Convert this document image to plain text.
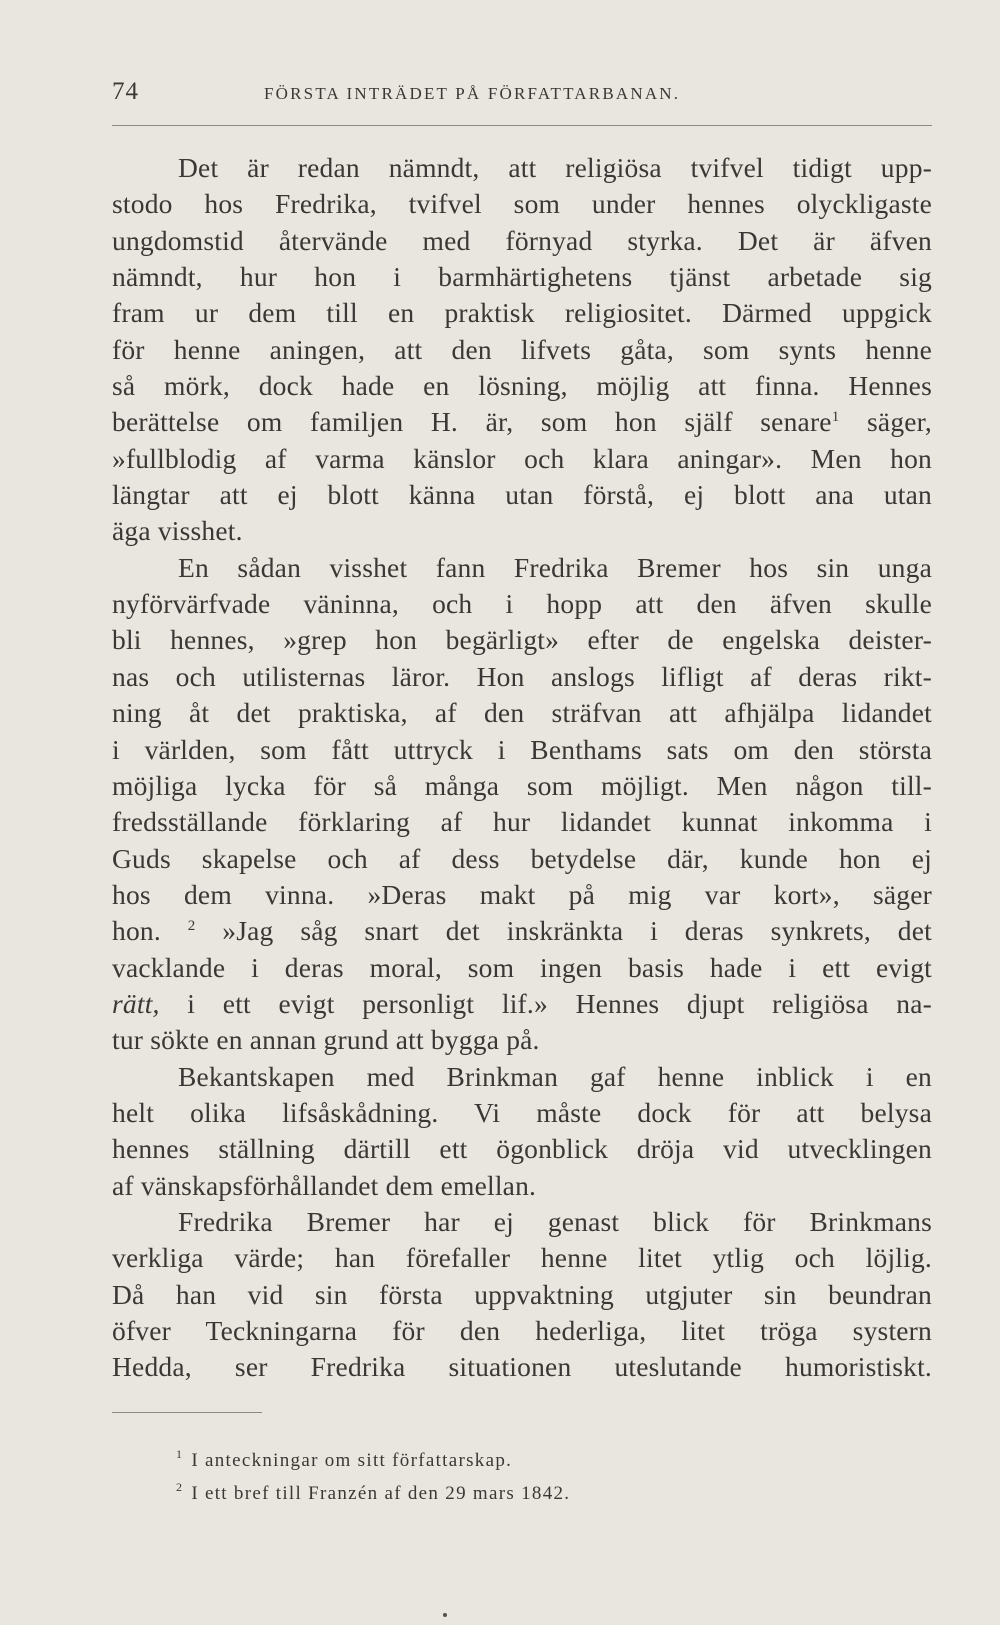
74	FÖRSTA INTRÄDET PÅ FÖRFATTARBANAN.
Det är redan nämndt, att religiösa tvifvel tidigt upp-
stodo hos Fredrika, tvifvel som under hennes olyckligaste
ungdomstid återvände med förnyad styrka. Det är äfven
nämndt, hur hon i barmhärtighetens tjänst arbetade sig
fram ur dem till en praktisk religiositet. Därmed uppgick
för henne aningen, att den lifvets gåta, som synts henne
så mörk, dock hade en lösning, möjlig att finna. Hennes
berättelse om familjen H. är, som hon själf senare$^1$ säger,
»fullblodig af varma känslor och klara aningar». Men hon
längtar att ej blott känna utan förstå, ej blott ana utan
äga visshet.
En sådan visshet fann Fredrika Bremer hos sin unga
nyförvärfvade väninna, och i hopp att den äfven skulle
bli hennes, »grep hon begärligt» efter de engelska deister-
nas och utilisternas läror. Hon anslogs lifligt af deras rikt-
ning åt det praktiska, af den sträfvan att afhjälpa lidandet
i världen, som fått uttryck i Benthams sats om den största
möjliga lycka för så många som möjligt. Men någon till-
fredsställande förklaring af hur lidandet kunnat inkomma i
Guds skapelse och af dess betydelse där, kunde hon ej
hos dem vinna. »Deras makt på mig var kort», säger
hon. $^2$ »Jag såg snart det inskränkta i deras synkrets, det
vacklande i deras moral, som ingen basis hade i ett evigt
rätt, i ett evigt personligt lif.» Hennes djupt religiösa na-
tur sökte en annan grund att bygga på.
Bekantskapen med Brinkman gaf henne inblick i en
helt olika lifsåskådning. Vi måste dock för att belysa
hennes ställning därtill ett ögonblick dröja vid utvecklingen
af vänskapsförhållandet dem emellan.
Fredrika Bremer har ej genast blick för Brinkmans
verkliga värde; han förefaller henne litet ytlig och löjlig.
Då han vid sin första uppvaktning utgjuter sin beundran
öfver Teckningarna för den hederliga, litet tröga systern
Hedda, ser Fredrika situationen uteslutande humoristiskt.
$^1$ I anteckningar om sitt författarskap.
$^2$ I ett bref till Franzén af den 29 mars 1842.
